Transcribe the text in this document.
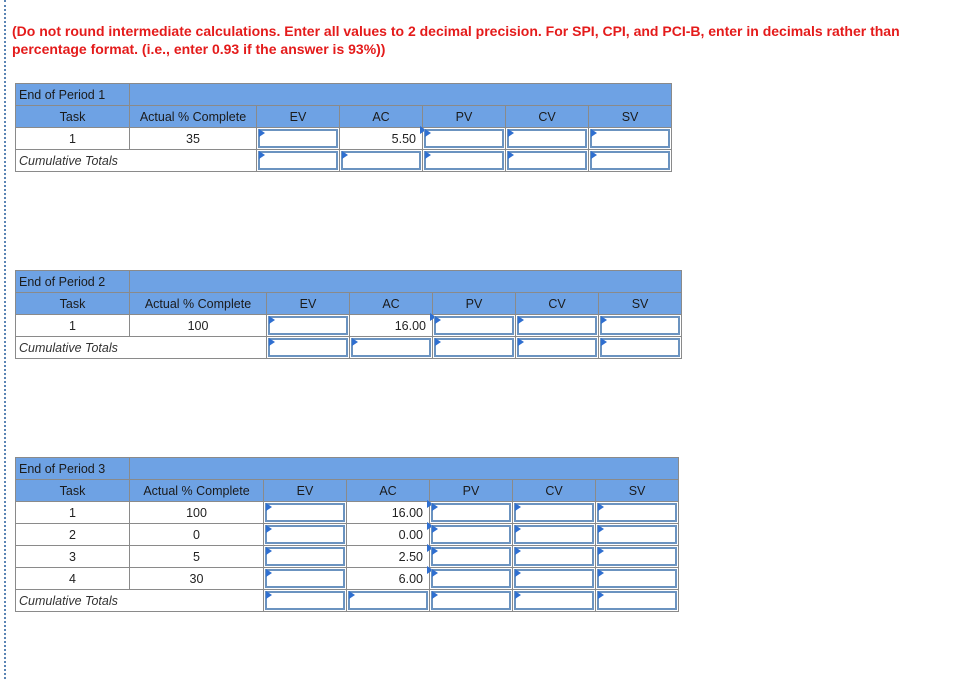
(Do not round intermediate calculations. Enter all values to 2 decimal precision. For SPI, CPI, and PCI-B, enter in decimals rather than percentage format. (i.e., enter 0.93 if the answer is 93%))
End of Period 1						
Task	Actual % Complete	EV	AC	PV	CV	SV
1	35		5.50			

Cumulative Totals		

End of Period 2						
Task	Actual % Complete	EV	AC	PV	CV	SV
1	100		16.00			

Cumulative Totals		

End of Period 3						
Task	Actual % Complete	EV	AC	PV	CV	SV
1	100		16.00			

2	0		0.00			

3	5		2.50			

4	30		6.00			

Cumulative Totals		
